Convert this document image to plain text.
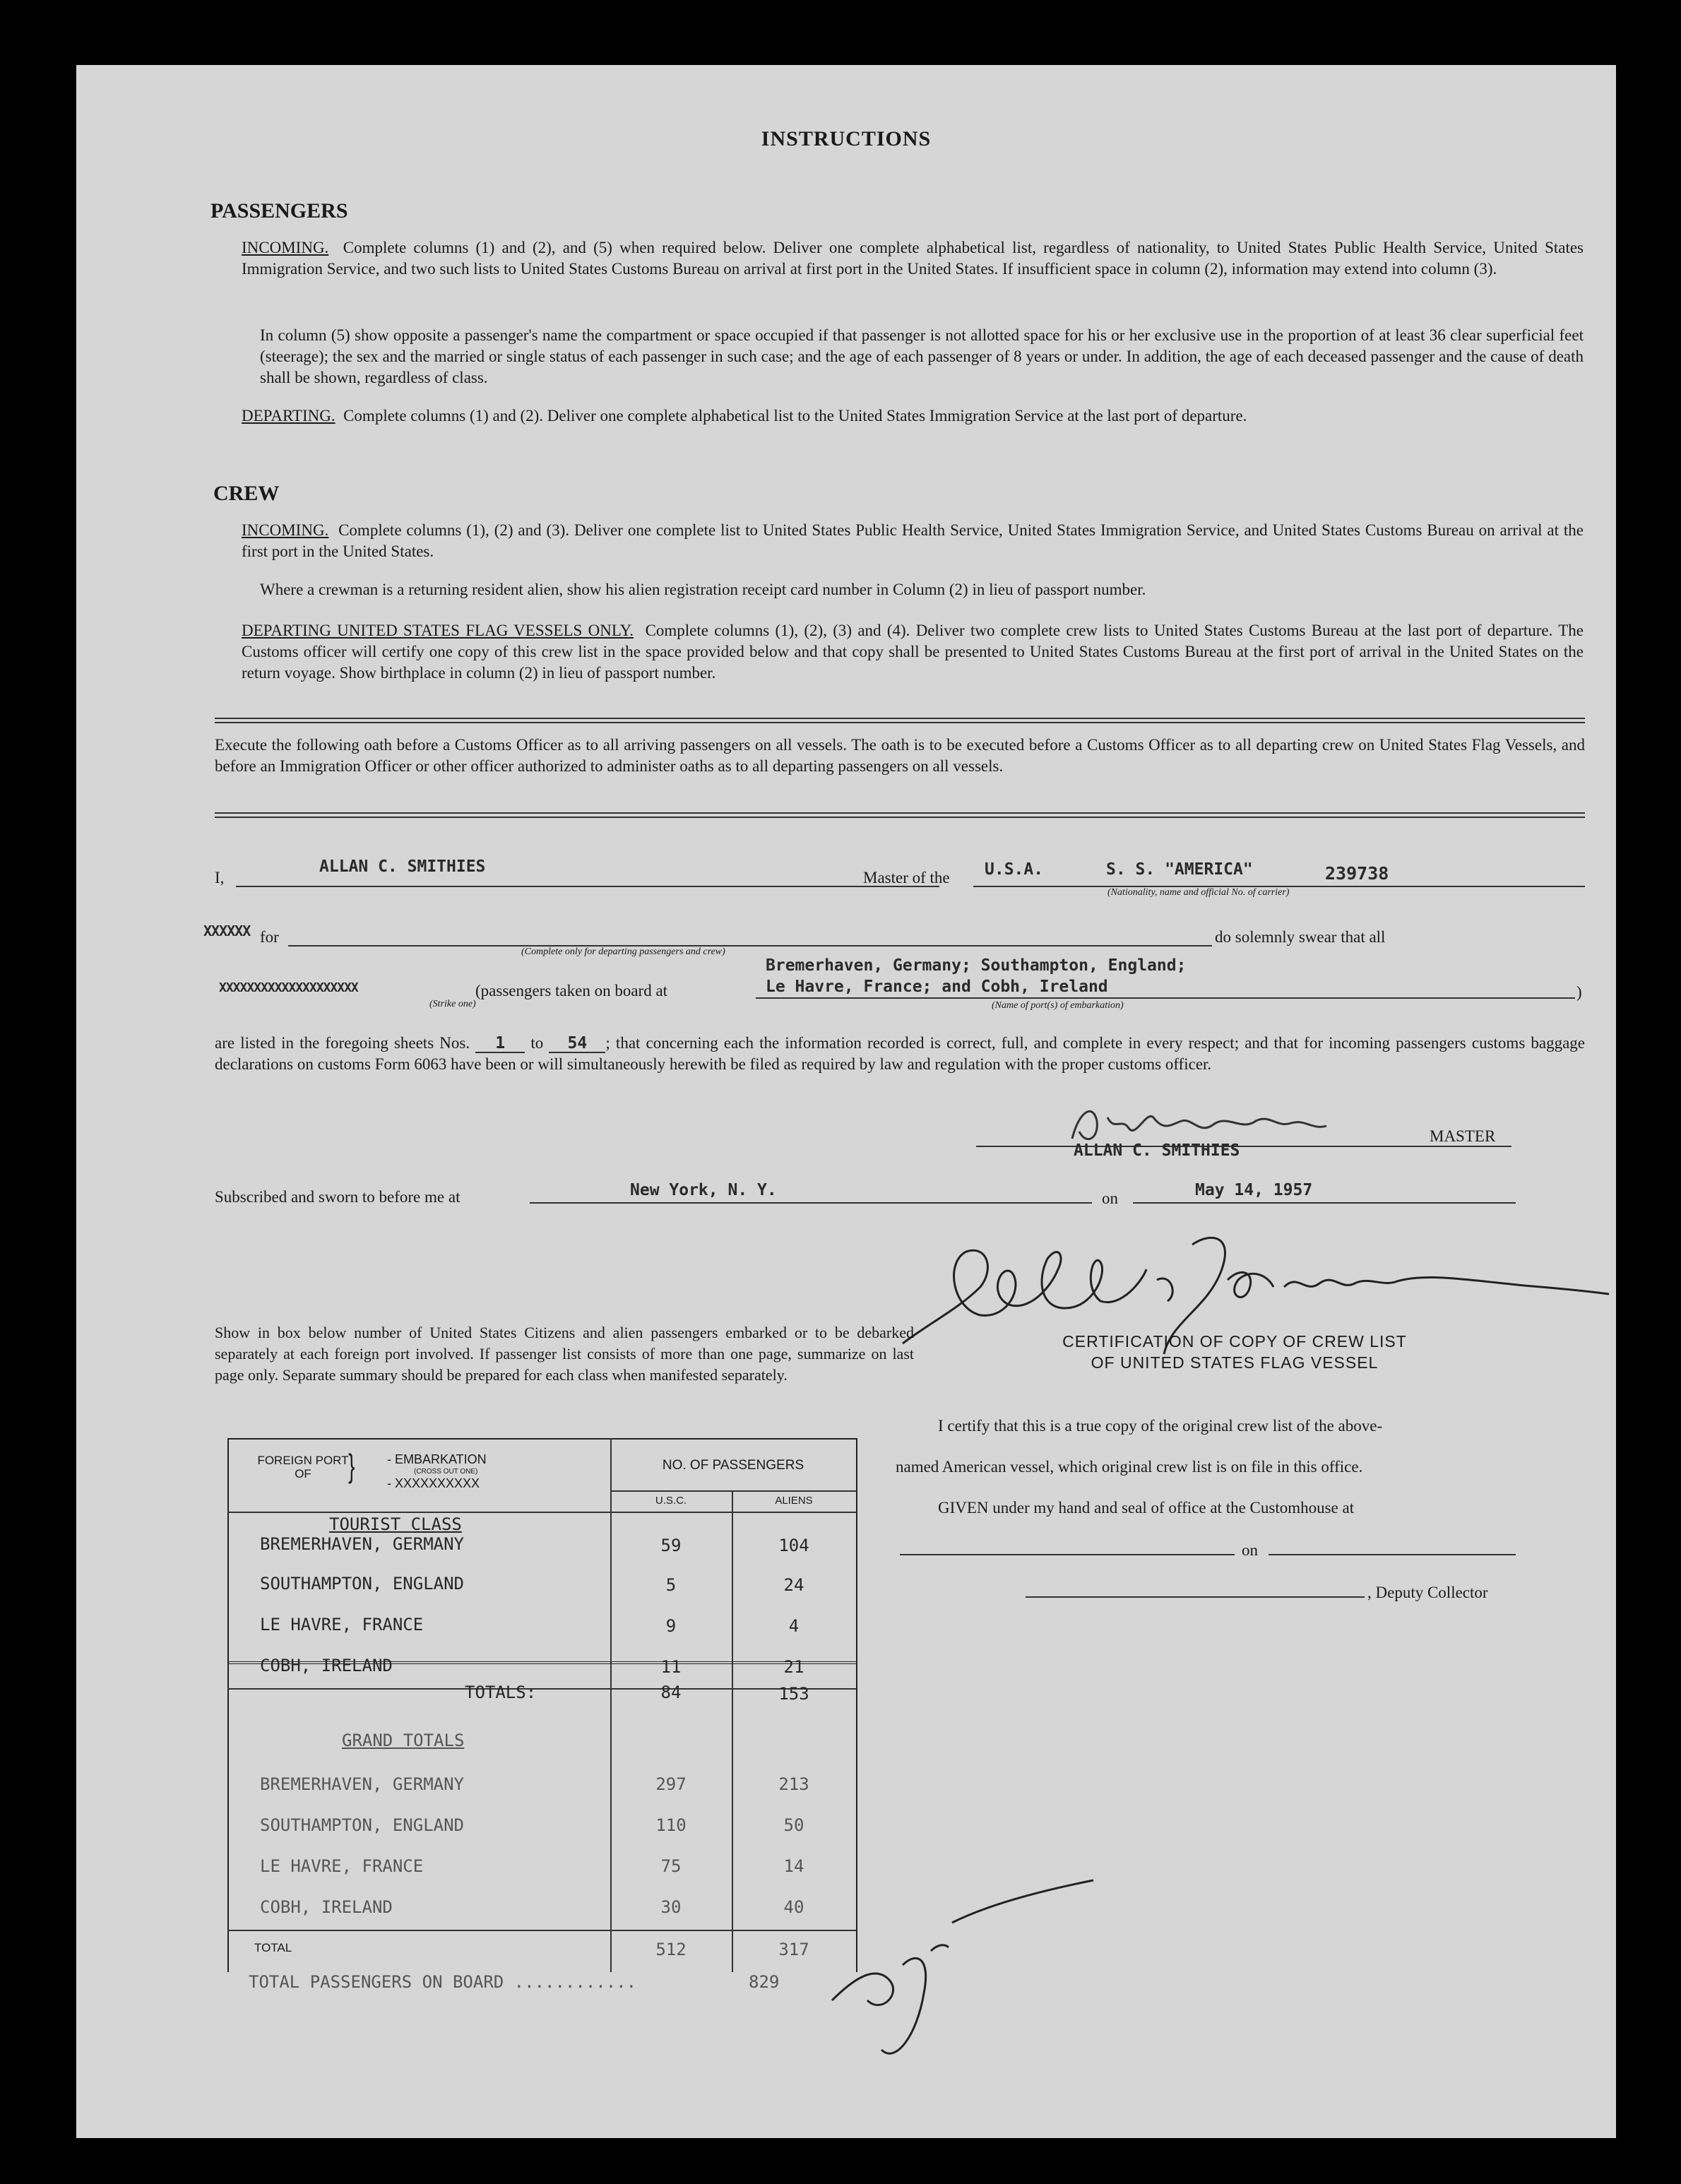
INSTRUCTIONS
PASSENGERS
INCOMING. Complete columns (1) and (2), and (5) when required below. Deliver one complete alphabetical list, regardless of nationality, to United States Public Health Service, United States Immigration Service, and two such lists to United States Customs Bureau on arrival at first port in the United States. If insufficient space in column (2), information may extend into column (3).
In column (5) show opposite a passenger's name the compartment or space occupied if that passenger is not allotted space for his or her exclusive use in the proportion of at least 36 clear superficial feet (steerage); the sex and the married or single status of each passenger in such case; and the age of each passenger of 8 years or under. In addition, the age of each deceased passenger and the cause of death shall be shown, regardless of class.
DEPARTING. Complete columns (1) and (2). Deliver one complete alphabetical list to the United States Immigration Service at the last port of departure.
CREW
INCOMING. Complete columns (1), (2) and (3). Deliver one complete list to United States Public Health Service, United States Immigration Service, and United States Customs Bureau on arrival at the first port in the United States.
Where a crewman is a returning resident alien, show his alien registration receipt card number in Column (2) in lieu of passport number.
DEPARTING UNITED STATES FLAG VESSELS ONLY. Complete columns (1), (2), (3) and (4). Deliver two complete crew lists to United States Customs Bureau at the last port of departure. The Customs officer will certify one copy of this crew list in the space provided below and that copy shall be presented to United States Customs Bureau at the first port of arrival in the United States on the return voyage. Show birthplace in column (2) in lieu of passport number.
Execute the following oath before a Customs Officer as to all arriving passengers on all vessels. The oath is to be executed before a Customs Officer as to all departing crew on United States Flag Vessels, and before an Immigration Officer or other officer authorized to administer oaths as to all departing passengers on all vessels.
I,
ALLAN C. SMITHIES
Master of the U.S.A.	S. S. "AMERICA"	239738
(Nationality, name and official No. of carrier)
XXXXXX for
(Complete only for departing passengers and crew)
do solemnly swear that all
XXXXXXXXXXXXXXXXXXXX
(Strike one)
(passengers taken on board at
Bremerhaven, Germany; Southampton, England;
Le Havre, France; and Cobh, Ireland
(Name of port(s) of embarkation)
)
are listed in the foregoing sheets Nos. 1 to 54 ; that concerning each the information recorded is correct, full, and complete in every respect; and that for incoming passengers customs baggage declarations on customs Form 6063 have been or will simultaneously herewith be filed as required by law and regulation with the proper customs officer.
ALLAN C. SMITHIES
MASTER
Subscribed and sworn to before me at	New York, N. Y.	on	May 14, 1957
Show in box below number of United States Citizens and alien passengers embarked or to be debarked separately at each foreign port involved. If passenger list consists of more than one page, summarize on last page only. Separate summary should be prepared for each class when manifested separately.
FOREIGN PORT OF	}	- EMBARKATION
(CROSS OUT ONE)
- XXXXXXXXXX
NO. OF PASSENGERS
U.S.C.	ALIENS
TOURIST CLASS
BREMERHAVEN, GERMANY	59	104
SOUTHAMPTON, ENGLAND	5	24
LE HAVRE, FRANCE	9	4
COBH, IRELAND	11	21
TOTALS:	84	153
GRAND TOTALS
BREMERHAVEN, GERMANY	297	213
SOUTHAMPTON, ENGLAND	110	50
LE HAVRE, FRANCE	75	14
COBH, IRELAND	30	40
TOTAL	512	317
TOTAL PASSENGERS ON BOARD ............	829
CERTIFICATION OF COPY OF CREW LIST
OF UNITED STATES FLAG VESSEL
I certify that this is a true copy of the original crew list of the above-
named American vessel, which original crew list is on file in this office.
GIVEN under my hand and seal of office at the Customhouse at
on
, Deputy Collector
